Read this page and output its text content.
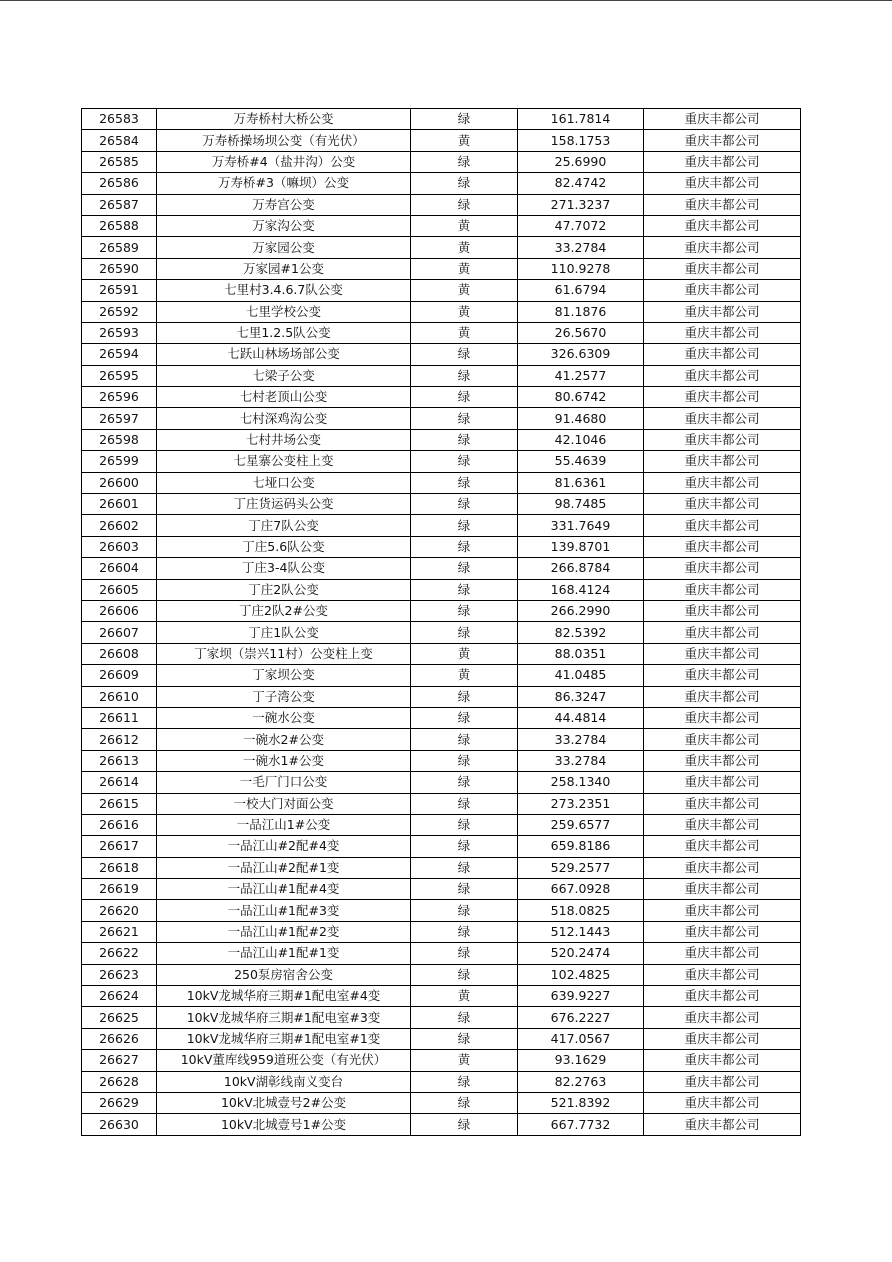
26583	万寿桥村大桥公变	绿	161.7814	重庆丰都公司
26584	万寿桥操场坝公变（有光伏）	黄	158.1753	重庆丰都公司
26585	万寿桥#4（盐井沟）公变	绿	25.6990	重庆丰都公司
26586	万寿桥#3（嘛坝）公变	绿	82.4742	重庆丰都公司
26587	万寿宫公变	绿	271.3237	重庆丰都公司
26588	万家沟公变	黄	47.7072	重庆丰都公司
26589	万家园公变	黄	33.2784	重庆丰都公司
26590	万家园#1公变	黄	110.9278	重庆丰都公司
26591	七里村3.4.6.7队公变	黄	61.6794	重庆丰都公司
26592	七里学校公变	黄	81.1876	重庆丰都公司
26593	七里1.2.5队公变	黄	26.5670	重庆丰都公司
26594	七跃山林场场部公变	绿	326.6309	重庆丰都公司
26595	七梁子公变	绿	41.2577	重庆丰都公司
26596	七村老顶山公变	绿	80.6742	重庆丰都公司
26597	七村深鸡沟公变	绿	91.4680	重庆丰都公司
26598	七村井场公变	绿	42.1046	重庆丰都公司
26599	七星寨公变柱上变	绿	55.4639	重庆丰都公司
26600	七垭口公变	绿	81.6361	重庆丰都公司
26601	丁庄货运码头公变	绿	98.7485	重庆丰都公司
26602	丁庄7队公变	绿	331.7649	重庆丰都公司
26603	丁庄5.6队公变	绿	139.8701	重庆丰都公司
26604	丁庄3-4队公变	绿	266.8784	重庆丰都公司
26605	丁庄2队公变	绿	168.4124	重庆丰都公司
26606	丁庄2队2#公变	绿	266.2990	重庆丰都公司
26607	丁庄1队公变	绿	82.5392	重庆丰都公司
26608	丁家坝（崇兴11村）公变柱上变	黄	88.0351	重庆丰都公司
26609	丁家坝公变	黄	41.0485	重庆丰都公司
26610	丁子湾公变	绿	86.3247	重庆丰都公司
26611	一碗水公变	绿	44.4814	重庆丰都公司
26612	一碗水2#公变	绿	33.2784	重庆丰都公司
26613	一碗水1#公变	绿	33.2784	重庆丰都公司
26614	一毛厂门口公变	绿	258.1340	重庆丰都公司
26615	一校大门对面公变	绿	273.2351	重庆丰都公司
26616	一品江山1#公变	绿	259.6577	重庆丰都公司
26617	一品江山#2配#4变	绿	659.8186	重庆丰都公司
26618	一品江山#2配#1变	绿	529.2577	重庆丰都公司
26619	一品江山#1配#4变	绿	667.0928	重庆丰都公司
26620	一品江山#1配#3变	绿	518.0825	重庆丰都公司
26621	一品江山#1配#2变	绿	512.1443	重庆丰都公司
26622	一品江山#1配#1变	绿	520.2474	重庆丰都公司
26623	250泵房宿舍公变	绿	102.4825	重庆丰都公司
26624	10kV龙城华府三期#1配电室#4变	黄	639.9227	重庆丰都公司
26625	10kV龙城华府三期#1配电室#3变	绿	676.2227	重庆丰都公司
26626	10kV龙城华府三期#1配电室#1变	绿	417.0567	重庆丰都公司
26627	10kV董库线959道班公变（有光伏）	黄	93.1629	重庆丰都公司
26628	10kV湖彰线南义变台	绿	82.2763	重庆丰都公司
26629	10kV北城壹号2#公变	绿	521.8392	重庆丰都公司
26630	10kV北城壹号1#公变	绿	667.7732	重庆丰都公司
